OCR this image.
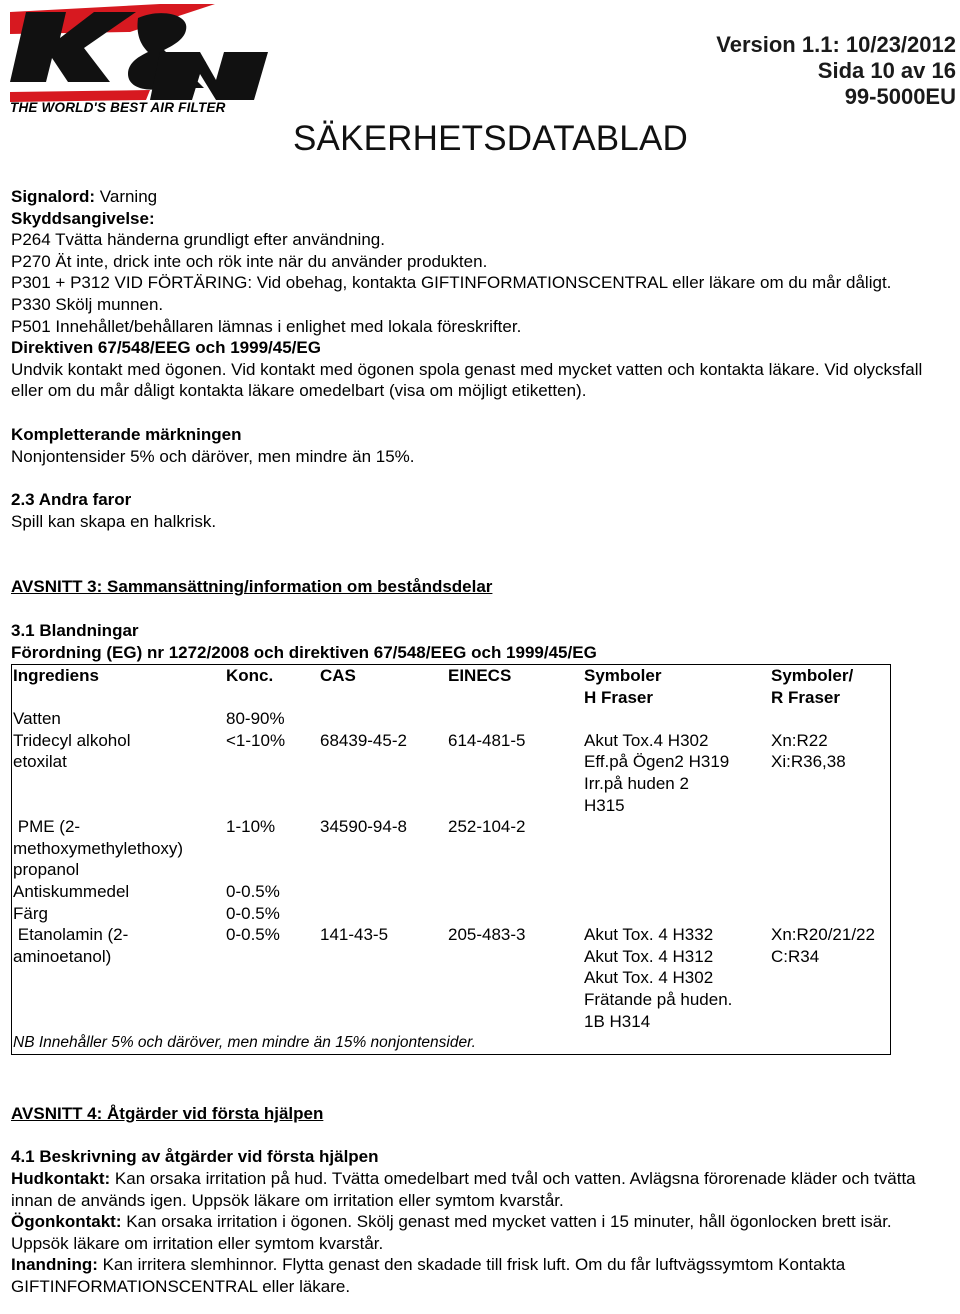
THE WORLD'S BEST AIR FILTER
Version 1.1: 10/23/2012
Sida 10 av 16
99-5000EU
SÄKERHETSDATABLAD

Signalord: Varning

Skyddsangivelse:

P264 Tvätta händerna grundligt efter användning.

P270 Ät inte, drick inte och rök inte när du använder produkten.

P301 + P312 VID FÖRTÄRING: Vid obehag, kontakta GIFTINFORMATIONSCENTRAL eller läkare om du mår dåligt.

P330 Skölj munnen.

P501 Innehållet/behållaren lämnas i enlighet med lokala föreskrifter.

Direktiven 67/548/EEG och 1999/45/EG

Undvik kontakt med ögonen. Vid kontakt med ögonen spola genast med mycket vatten och kontakta läkare. Vid olycksfall eller om du mår dåligt kontakta läkare omedelbart (visa om möjligt etiketten).

Kompletterande märkningen

Nonjontensider 5% och däröver, men mindre än 15%.

2.3 Andra faror

Spill kan skapa en halkrisk.

AVSNITT 3: Sammansättning/information om beståndsdelar

3.1 Blandningar

Förordning (EG) nr 1272/2008 och direktiven 67/548/EEG och 1999/45/EG

Ingrediens	Konc.	CAS	EINECS	Symboler
H Fraser	Symboler/
R Fraser
Vatten	80-90%				
Tridecyl alkohol
etoxilat	<1-10%	68439-45-2	614-481-5	Akut Tox.4 H302
Eff.på Ögen2 H319
Irr.på huden 2
H315	Xn:R22
Xi:R36,38
PME (2-
methoxymethylethoxy)
propanol	1-10%	34590-94-8	252-104-2		
Antiskummedel	0-0.5%				
Färg	0-0.5%				
Etanolamin (2-
aminoetanol)	0-0.5%	141-43-5	205-483-3	Akut Tox. 4 H332
Akut Tox. 4 H312
Akut Tox. 4 H302
Frätande på huden.
1B H314	Xn:R20/21/22
C:R34
NB Innehåller 5% och däröver, men mindre än 15% nonjontensider.					

AVSNITT 4: Åtgärder vid första hjälpen

4.1 Beskrivning av åtgärder vid första hjälpen

Hudkontakt: Kan orsaka irritation på hud. Tvätta omedelbart med tvål och vatten. Avlägsna förorenade kläder och tvätta innan de används igen. Uppsök läkare om irritation eller symtom kvarstår.

Ögonkontakt: Kan orsaka irritation i ögonen. Skölj genast med mycket vatten i 15 minuter, håll ögonlocken brett isär. Uppsök läkare om irritation eller symtom kvarstår.

Inandning: Kan irritera slemhinnor. Flytta genast den skadade till frisk luft. Om du får luftvägssymtom Kontakta GIFTINFORMATIONSCENTRAL eller läkare.
